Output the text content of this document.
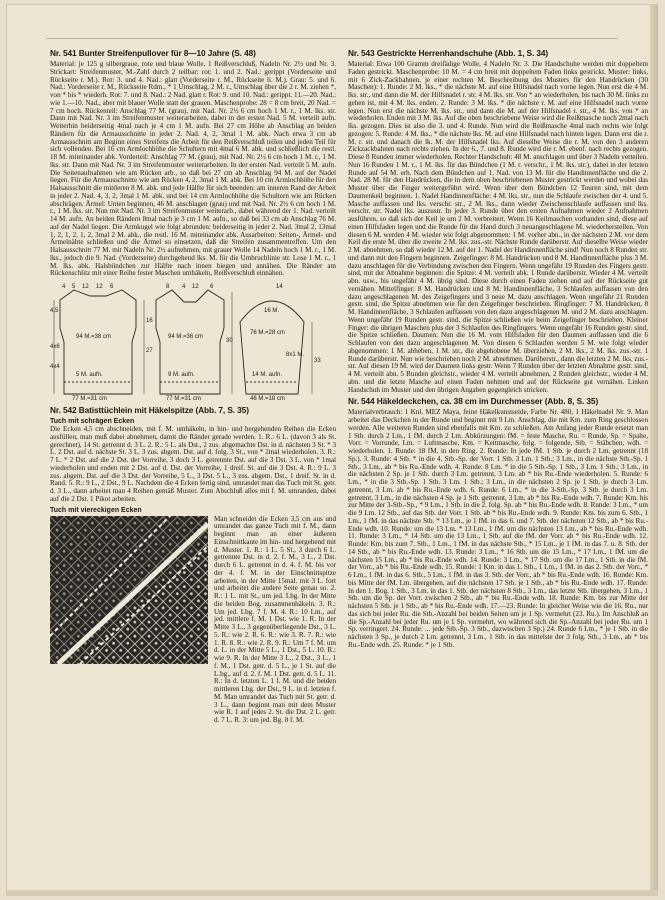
Nr. 541 Bunter Streifenpullover für 8—10 Jahre (S. 48)

Material: je 125 g silbergraue, rote und blaue Wolle, 1 Reißverschluß, Nadeln Nr. 2½ und Nr. 3. Strickart: Streifenmuster, M.-Zahl durch 2 teilbar: rot: 1. und 2. Nad.: gerippt (Vorderseite und Rückseite r. M.). Rot: 3. und 4. Nad.: glatt (Vorderseite r. M., Rückseite li. M.). Grau: 5. und 6. Nad.: Vorderseite r. M., Rückseite Rdm., * 1 Umschlag, 2 M. r., Umschlag über die 2 r. M. ziehen *, von * bis * wiederh. Rot: 7. und 8. Nad.: 2 Nad. glatt r. Rot: 9. und 10. Nad.: gerippt. 11.—20. Nad.: wie 1.—10. Nad., aber mit blauer Wolle statt der grauen. Maschenprobe: 28 = 8 cm breit, 20 Nad. = 7 cm hoch. Rückenteil: Anschlag 77 M. (grau), mit Nad. Nr. 2½ 6 cm hoch 1 M. r., 1 M. lks. str. Dann mit Nad. Nr. 3 im Streifenmuster weiterarbeiten, dabei in der ersten Nad. 5 M. verteilt aufn. Weiterhin beiderseitig 4mal nach je 4 cm 1 M. aufn. Bei 27 cm Höhe ab Anschlag an beiden Rändern für die Armausschnitte in jeder 2. Nad. 4, 2, 3mal 1 M. abk. Nach etwa 3 cm ab Armausschnitt am Beginn eines Streifens die Arbeit für den Reißverschluß teilen und jeden Teil für sich vollenden. Bei 16 cm Armlochhöhe die Schultern mit 4mal 6 M. abk. und schließlich die restl. 18 M. miteinander abk. Vorderteil: Anschlag 77 M. (grau), mit Nad. Nr. 2½ 6 cm hoch 1 M. r., 1 M. lks. str. Dann mit Nad. Nr. 3 im Streifenmuster weiterarbeiten. In der ersten Nad. verteilt 5 M. aufn. Die Seitenaufnahmen wie am Rücken arb., so daß bei 27 cm ab Anschlag 94 M. auf der Nadel liegen. Für die Armausschnitte wie am Rücken 4, 2, 3mal 1 M. abk. Bei 10 cm Armlochhöhe für den Halsausschnitt die mittleren 8 M. abk. und jede Hälfte für sich beenden: am inneren Rand der Arbeit in jeder 2. Nad. 4, 3, 2, 3mal 1 M. abk. und bei 14 cm Armlochhöhe die Schultern wie am Rücken abschrägen. Ärmel: Unten beginnen, 46 M. anschlagen (grau) und mit Nad. Nr. 2½ 6 cm hoch 1 M. r., 1 M. lks. str. Nun mit Nad. Nr. 3 im Streifenmuster weiterarb., dabei während der 1. Nad. verteilt 14 M. aufn. An beiden Rändern 8mal nach je 3 cm 1 M. aufn., so daß bei 33 cm ab Anschlag 76 M. auf der Nadel liegen. Die Armkugel wie folgt abrunden: beiderseitig in jeder 2. Nad. 3mal 2, 13mal 1, 2, 1, 2, 1, 2, 3mal 2 M. abk., die restl. 16 M. miteinander abk. Ausarbeiten: Seiten-, Ärmel- und Ärmelnähte schließen und die Ärmel so einsetzen, daß die Streifen zusammentreffen. Um den Halsausschnitt 77 M. mit Nadeln Nr. 2½ aufnehmen, mit grauer Wolle 14 Nadeln hoch 1 M. r., 1 M. lks., jedoch die 9. Nad. (Vorderseite) durchgehend lks. M. für die Umbruchlinie str. Lose 1 M. r., 1 M. lks. abk. Halsbündchen zur Hälfte nach innen biegen und annähen. Die Ränder am Rückenschlitz mit einer Reihe fester Maschen umhäkeln, Reißverschluß einnähen.

4 5 12 12 6	8 4 12 6	14
16
27
4,5
4x6
4x4
30
33
77 M.=31 cm	77 M.=31 cm
5 M. aufn.	9 M. aufn.
94 M.=38 cm
76 M.=28 cm
46 M.=18 cm
14 M. aufn.
8x1 M.
16 M.
94 M.=36 cm
Nr. 542 Batisttüchlein mit Häkelspitze (Abb. 7, S. 35)
Tuch mit schrägen Ecken

Die Ecken 4,5 cm abschneiden, mit f. M. umhäkeln, in hin- und hergehenden Reihen die Ecken ausfüllen, man muß dabei abnehmen, damit die Ränder gerade werden. 1. R.: 6 L. (davon 3 als St. gerechnet), 14 St. getrennt d. 3 L. 2. R.: 5 L. als Dst., 2 zus. abgemachte Dst. in d. nächsten 3 St. * 3 L. 2 Dst. auf d. nächste St. 3 L. 3 zus. abgem. Dst. auf d. folg. 3 St., von * 2mal wiederholen. 3. R.: 7 L. * 2 Dst. auf die 2 Dst. der Vorreihe, 3 doch 3 L. getrennte Dst. auf die 3 Dst. 3 L. von * 1mal wiederholen und enden mit 2 Dst. auf d. Dst. der Vorreihe, 1 dreif. St. auf die 3 Dst. 4. R.: 9 L. 3 zus. abgem. Dst. auf die 3 Dst. der Vorreihe, 5 L., 3 Dst. 5 L., 3 zus. abgem. Dst., 1 dreif. St. in d. Rand. 5. R.: 9 L., 2 Dst., 9 L. Nachdem die 4 Ecken fertig sind, umrandet man das Tuch mit St. getr. d. 3 L., dann arbeitet man 4 Reihen gemäß Muster. Zum Abschluß alles mit f. M. umranden, dabei auf die 2 Dst. 1 Pikot arbeiten.

Tuch mit viereckigen Ecken

Man schneidet die Ecken 3,5 cm aus und umrandet das ganze Tuch mit f. M., dann beginnt man an einer äußeren Einschnittkante im hin- und hergehend mit d. Muster. 1. R.: 1 L. 5 St., 3 durch 6 L. getrennte Dst. in d. 2. f. M., 3 L., 2 Dst. durch 6 L. getrennt in d. 4. f. M. bis vor der 4. f. M. in der Einschnittspitze arbeiten, in der Mitte 15mal. mit 3 L. fort und arbeitet die andere Seite genau so. 2. R.: 1 L. mit St., um jed. Lbg. In der Mitte die beiden Bog. zusammenhäkeln. 3. R.: Um jed. Lbg. 7 f. M. 4. R.: 10 Lm., auf jed. mittlere f. M. 1 Dst. wie 1. R. In der Mitte 3 L., 3 gegenüberliegende Dst., 3 L. 5. R.: wie 2. R. 6. R.: wie 3. R. 7. R.: wie 1. R. 8. R.: wie 2. R. 9. R.: Um 7 f. M. um d. L. in der Mitte 5 L., 1 Dst., 5 L. 10. R.: wie 9. R. In der Mitte 3 L., 2 Dst., 3 L., 1 f. M., 1 Dst. getr. d. 5 L., je 1 St. auf die L.bg., auf d. 2. f. M. 1 Dst. getr. d. 5 L. 11. R.: In d. letzten L. 1 f. M. und die beiden mittleren Lbg. der Dst., 9 L. in d. letzten f. M. Man umrandet das Tuch mit St. getr. d. 3 L., dann beginnt man mit dem Muster wie R. 1 auf jedes 2. St. die Dst. 2 L. getr. d. 7 L. R. 3: um jed. Bg. 8 f. M.

Nr. 543 Gestrickte Herrenhandschuhe (Abb. 1, S. 34)

Material: Etwa 100 Gramm dreifädige Wolle, 4 Nadeln Nr. 3. Die Handschuhe werden mit doppeltem Faden gestrickt. Maschenprobe: 10 M. = 4 cm breit mit doppeltem Faden links gestrickt. Muster: links, mit 6 Zick-Zackbahnen, je einer rechten M. Beschreibung des Musters für den Handrücken (30 Maschen): 1. Runde: 2 M. lks., * die nächste M. auf eine Hilfsnadel nach vorne legen. Nun erst die 4 M. lks. str., und dann die M. der Hilfsnadel r. str. 4 M. lks. str. Von * an wiederholen, bis nach 30 M. links zu gehen ist, mit 4 M. lks. enden. 2. Runde: 3 M. lks. * die nächste r. M. auf eine Hilfsnadel nach vorne legen. Nun erst die nächste M. lks. str., und dann die M. auf der Hilfsnadel r. str., 4 M. lks. von * an wiederholen. Enden mit 3 M. lks. Auf die oben beschriebene Weise wird die Reißmasche noch 2mal nach lks. gezogen. Dies ist also die 3. und 4. Runde. Nun wird die Reißmasche 4mal nach rechts wie folgt gezogen: 5. Runde: 4 M. lks., * die nächste lks. M. auf eine Hilfsnadel nach hinten legen. Dann erst die r. M. r. str. und danach die lk. M. der Hilfsnadel lks. Auf dieselbe Weise die r. M. von den 3 anderen Zickzackbahnen nach rechts ziehen. In der 6., 7. und 8. Runde wird die r. M. ebenf. nach rechts gezogen. Diese 8 Runden immer wiederholen. Rechter Handschuh: 48 M. anschlagen und über 3 Nadeln verteilen. Nun 16 Runden 1 M. r., 1 M. lks. für das Bündchen (1 M. r. verschr., 1 M. lks. str.), dabei in der letzten Runde auf 54 M. erh. Nach dem Bündchen auf 1. Nad. von 13 M. für die Handinnenfläche und die 2. Nad. 28 M. für den Handrücken, die in dem oben beschriebenen Muster gestrickt werden und wobei das Muster über die Finger weitergeführt wird. Wenn über dem Bündchen 12 Touren sind, mit dem Daumenkeil beginnen. 1. Nadel Handinnenfläche: 4 M. lks. str., nun die Schlaufe zwischen der 4. und 5. Masche auffassen und lks. verschr. str., 2 M. lks., dann wieder Zwischenschlaufe auffassen und lks. verschr. str. Nadel lks. auszustr. In jeder 3. Runde über den ersten Aufnahmen wieder 2 Aufnahmen ausführen, so daß sich der Keil je um 2 M. verbreitert. Wenn 16 Keilmaschen vorhanden sind, diese auf einen Hilfsfaden legen und die Runde für die Hand durch 3 neuangeschlagene M. wiederherstellen. Von diesen 6 M. werden 4 M. wieder wie folgt abgenommen: 1 M. vorher abn., in der nächsten 2 M. vor dem Keil die erste M. über die zweite 2 M. lks. zus.-str. Nächste Runde darüberstr. Auf dieselbe Weise wieder 2 M. abnehmen, so daß wieder 12 M. auf der 1. Nadel der Handinnenfläche sind! Nun noch 8 Runden str. und dann mit den Fingern beginnen. Zeigefinger: 8 M. Handrücken und 8 M. Handinnenfläche plus 3 M. dazu anschlagen für die Verbindung zwischen den Fingern. Wenn ungefähr 19 Runden des Fingers gestr. sind, mit der Abnahme beginnen: die Spitze: 4 M. verteilt abk. 1 Runde darüberstr. Wieder 4 M. verteilt abn. usw., bis ungefähr 4 M. übrig sind. Diese durch einen Faden ziehen und auf der Rückseite gut vernähen. Mittelfinger: 8 M. Handrücken und 8 M. Handinnenfläche, 3 Schlaufen auffassen von den dazu angeschlagenen M. des Zeigefingers und 3 neue M. dazu anschlagen. Wenn ungefähr 21 Runden gestr. sind, die Spitze abnehmen wie für den Zeigefinger beschrieben. Ringfinger: 7 M. Handrücken, 8 M. Handinnenfläche, 3 Schlaufen auffassen von den dazu angeschlagenen M. und 2 M. dazu anschlagen. Wenn ungefähr 19 Runden gestr. sind, die Spitze schließen wie beim Zeigefinger beschrieben. Kleiner Finger: die übrigen Maschen plus der 3 Schlaufen des Ringfingers. Wenn ungefähr 16 Runden gestr. sind, die Spitze schließen. Daumen: Nun die 16 M. vom Hilfsfaden für den Daumen auffassen und die 6 Schlaufen von den dazu angeschlagenen M. Von diesen 6 Schlaufen werden 5 M. wie folgt wieder abgenommen: 1 M. abheben, 1 M. str., die abgehobene M. überziehen, 2 M. lks., 2 M. lks. zus.-str. 1 Runde darüberstr. Nun wie beschrieben noch 2 M. abnehmen. Darüberstr., dann die letzten 2 M. lks. zus.-str. Auf diesen 19 M. wird der Daumen links gestr. Wenn 7 Runden über der letzten Abnahme gestr. sind, 4 M. verteilt abn. 5 Runden gleichstr., wieder 4 M. verteilt abnehmen, 2 Runden gleichstr., wieder 4 M. abn. und die letzte Masche auf einen Faden nehmen und auf der Rückseite gut vernähen. Linken Handschuh im Muster und den übrigen Angaben gegengleich stricken.

Nr. 544 Häkeldeckchen, ca. 38 cm im Durchmesser (Abb. 8, S. 35)

Materialverbrauch: 1 Knl. MEZ Maya, feine Häkelkunstseide, Farbe Nr. 480, 1 Häkelnadel Nr. 9. Man arbeitet das Deckchen in der Runde und beginnt mit 9 Lm. Anschlag, die mit Km. zum Ring geschlossen werden. Alle weiteren Runden sind ebenfalls mit Km. zu schließen. Am Anfang jeder Runde ersetzt man 1 Stb. durch 2 Lm., 1 fM. durch 2 Lm. Abkürzungen: fM. = feste Masche, Ru. = Runde, Sp. = Spalte, Vorr. = Vorrunde, Lm. = Luftmasche, Km. = Kettmasche, folg. = folgende, Stb. = Stäbchen, wdh. = wiederholen. 1. Runde: 18 fM. in den Ring. 2. Runde: In jede fM. 1 Stb. je durch 2 Lm. getrennt (18 Sp.). 3. Runde: 4 Stb. * in die 4. Stb.-Sp. der Vorr. 1 Stb. 3 Lm. 1 Stb.; 3 Lm., in die nächste Stb.-Sp. 1 Stb., 3 Lm., ab * bis Ru.-Ende wdh. 4. Runde: 8 Lm. * in die 5 Stb.-Sp. 1 Stb., 3 Lm. 1 Stb.; 3 Lm., in die nächsten 2 Sp. je 1 Stb. durch 3 Lm. getrennt, 3 Lm. ab * bis Ru.-Ende wiederholen. 5. Runde: 6 Lm., * in die 3 Stb.-Sp. 1 Stb. 3 Lm. 1 Stb.; 3 Lm., in die nächsten 2 Sp. je 1 Stb. je durch 3 Lm. getrennt, 3 Lm. ab * bis Ru.-Ende wdh. 6. Runde: 6 Lm., * in die 3-Stb.-Sp. 3 Stb. je durch 3 Lm. getrennt, 3 Lm., in die nächsten 4 Sp. je 1 Stb. getrennt, 3 Lm. ab * bis Ru.-Ende wdh. 7. Runde: Km. bis zur Mitte der 3-Stb.-Sp., * 9 Lm., 1 Stb. in die 2. folg. Sp. ab * bis Ru.-Ende wdh. 8. Runde: 3 Lm., * um die 9 Lm. 12 Stb., auf das Stb. der Vorr. 1 Stb. ab * bis Ru.-Ende wdh. 9. Runde: Km. bis zum 6. Stb., 1 Lm., 1 fM. in das nächste Stb. * 13 Lm., je 1 fM. in das 6. und 7. Stb. der nächsten 12 Stb., ab * bis Ru.-Ende wdh. 10. Runde: um die 13 Lm. * 13 Lm., 1 fM. um die nächsten 13 Lm., ab * bis Ru.-Ende wdh. 11. Runde: 3 Lm., * 14 Stb. um die 13 Lm., 1 Stb. auf die fM. der Vorr. ab * bis Ru.-Ende wdh. 12. Runde: Km. bis zum 7. Stb., 1 Lm., 1 fM. in das nächste Stb., * 15 Lm., je 1 fM. in das 7. u. 8. Stb. der 14 Stb., ab * bis Ru.-Ende wdh. 13. Runde: 3 Lm., * 16 Stb. um die 15 Lm., * 17 Lm., 1 fM. um die nächsten 15 Lm., ab * bis Ru.-Ende wdh. 14. Runde: 3 Lm., * 17 Stb. um die 17 Lm., 1 Stb. in die fM. der Vorr., ab * bis Ru.-Ende wdh. 15. Runde: 1 Km. in das 1. Stb., 1 Lm., 1 fM. in das 2. Stb. der Vorr., * 6 Lm., 1 fM. in das 6. Stb., 5 Lm., 1 fM. in das 3. Stb. der Vorr., ab * bis Ru.-Ende wdh. 16. Runde: Km. bis Mitte der fM. Lm. übergehen, auf die nächsten 17 Stb. je 1 Stb., ab * bis Ru.-Ende wdh. 17. Runde: In den 1. Bog. 1 Stb., 3 Lm. in das 1. Stb. der nächsten 8 Stb., 3 Lm., das letzte Stb. übergehen, 3 Lm., 1 Stb. um die Sp. der Vorr. zwischen 2 Stb., ab * bis Ru.-Ende wdh. 18. Runde: Km. bis zur Mitte der nächsten 5 Stb. je 1 Stb., ab * bis Ru.-Ende wdh. 17.—23. Runde: In gleicher Weise wie die 16. Ru., nur das sich bei jeder Ru. die Stb.-Anzahl bei beiden Seiten um je 1 Sp. vermehrt (23. Ru.). Im Anschluß an die Sp.-Anzahl bei jeder Ru. um je 1 Sp. vermehrt, wo während sich die Sp.-Anzahl bei jeder Ru. um 1 Sp. verringert. 24. Runde: ... jede Stb.-Sp. 3 Stb., dazwischen 3 Sp.) 24. Runde 6 Lm., * je 1 Stb. in die nächsten 3 Sp., je durch 2 Lm. getrennt, 3 Lm., 1 Stb. in das mittelste der 3 folg. Stb., 3 Lm., ab * bis Ru.-Ende wdh. 25. Runde: * je 1 Stb.
